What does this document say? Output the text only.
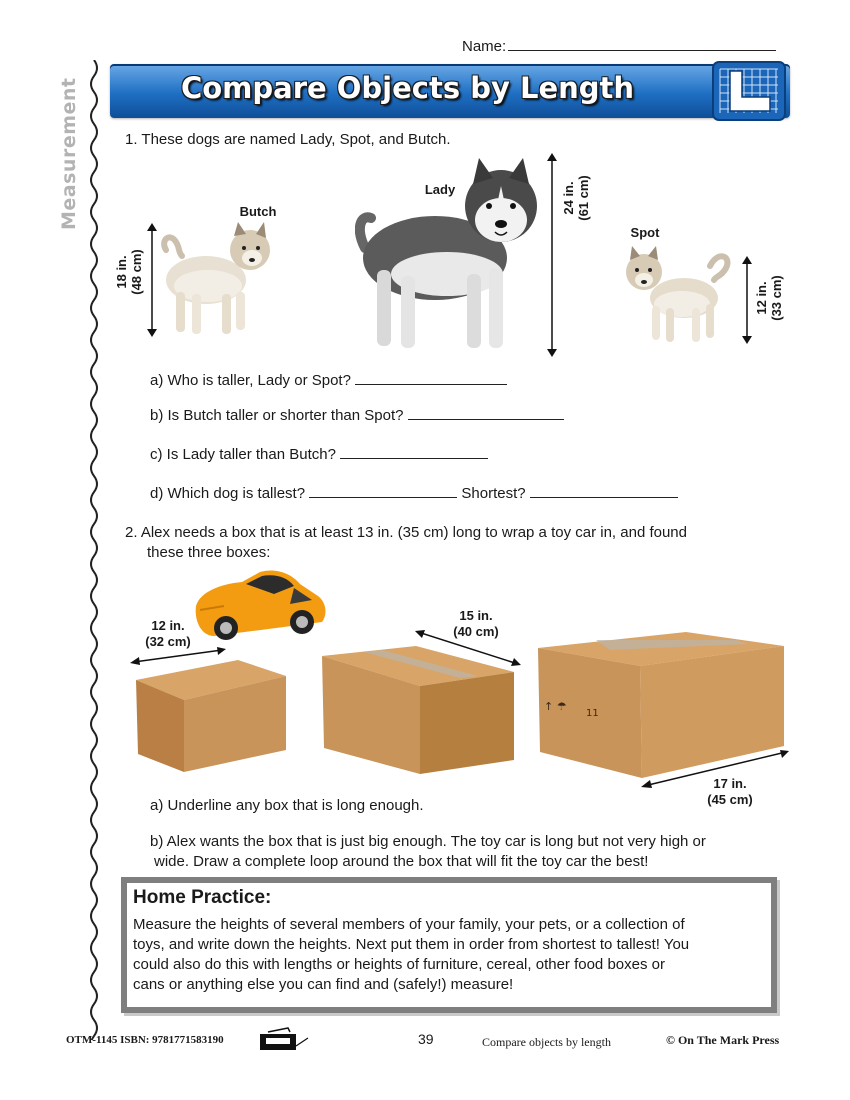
Name:
Measurement	Compare Objects by Length
1. These dogs are named Lady, Spot, and Butch.
Butch
18 in. (48 cm)
Lady	24 in. (61 cm)
Spot
12 in. (33 cm)
a) Who is taller, Lady or Spot?
b) Is Butch taller or shorter than Spot?
c) Is Lady taller than Butch?
d) Which dog is tallest?	Shortest?
2. Alex needs a box that is at least 13 in. (35 cm) long to wrap a toy car in, and found
these three boxes:
12 in.
(32 cm)
15 in.
(40 cm)
↑ ☂
11
17 in.
(45 cm)
a) Underline any box that is long enough.
b) Alex wants the box that is just big enough. The toy car is long but not very high or
wide. Draw a complete loop around the box that will fit the toy car the best!
Home Practice:

Measure the heights of several members of your family, your pets, or a collection of
toys, and write down the heights. Next put them in order from shortest to tallest! You
could also do this with lengths or heights of furniture, cereal, other food boxes or
cans or anything else you can find and (safely!) measure!

OTM-1145 ISBN: 9781771583190	39	Compare objects by length	© On The Mark Press
